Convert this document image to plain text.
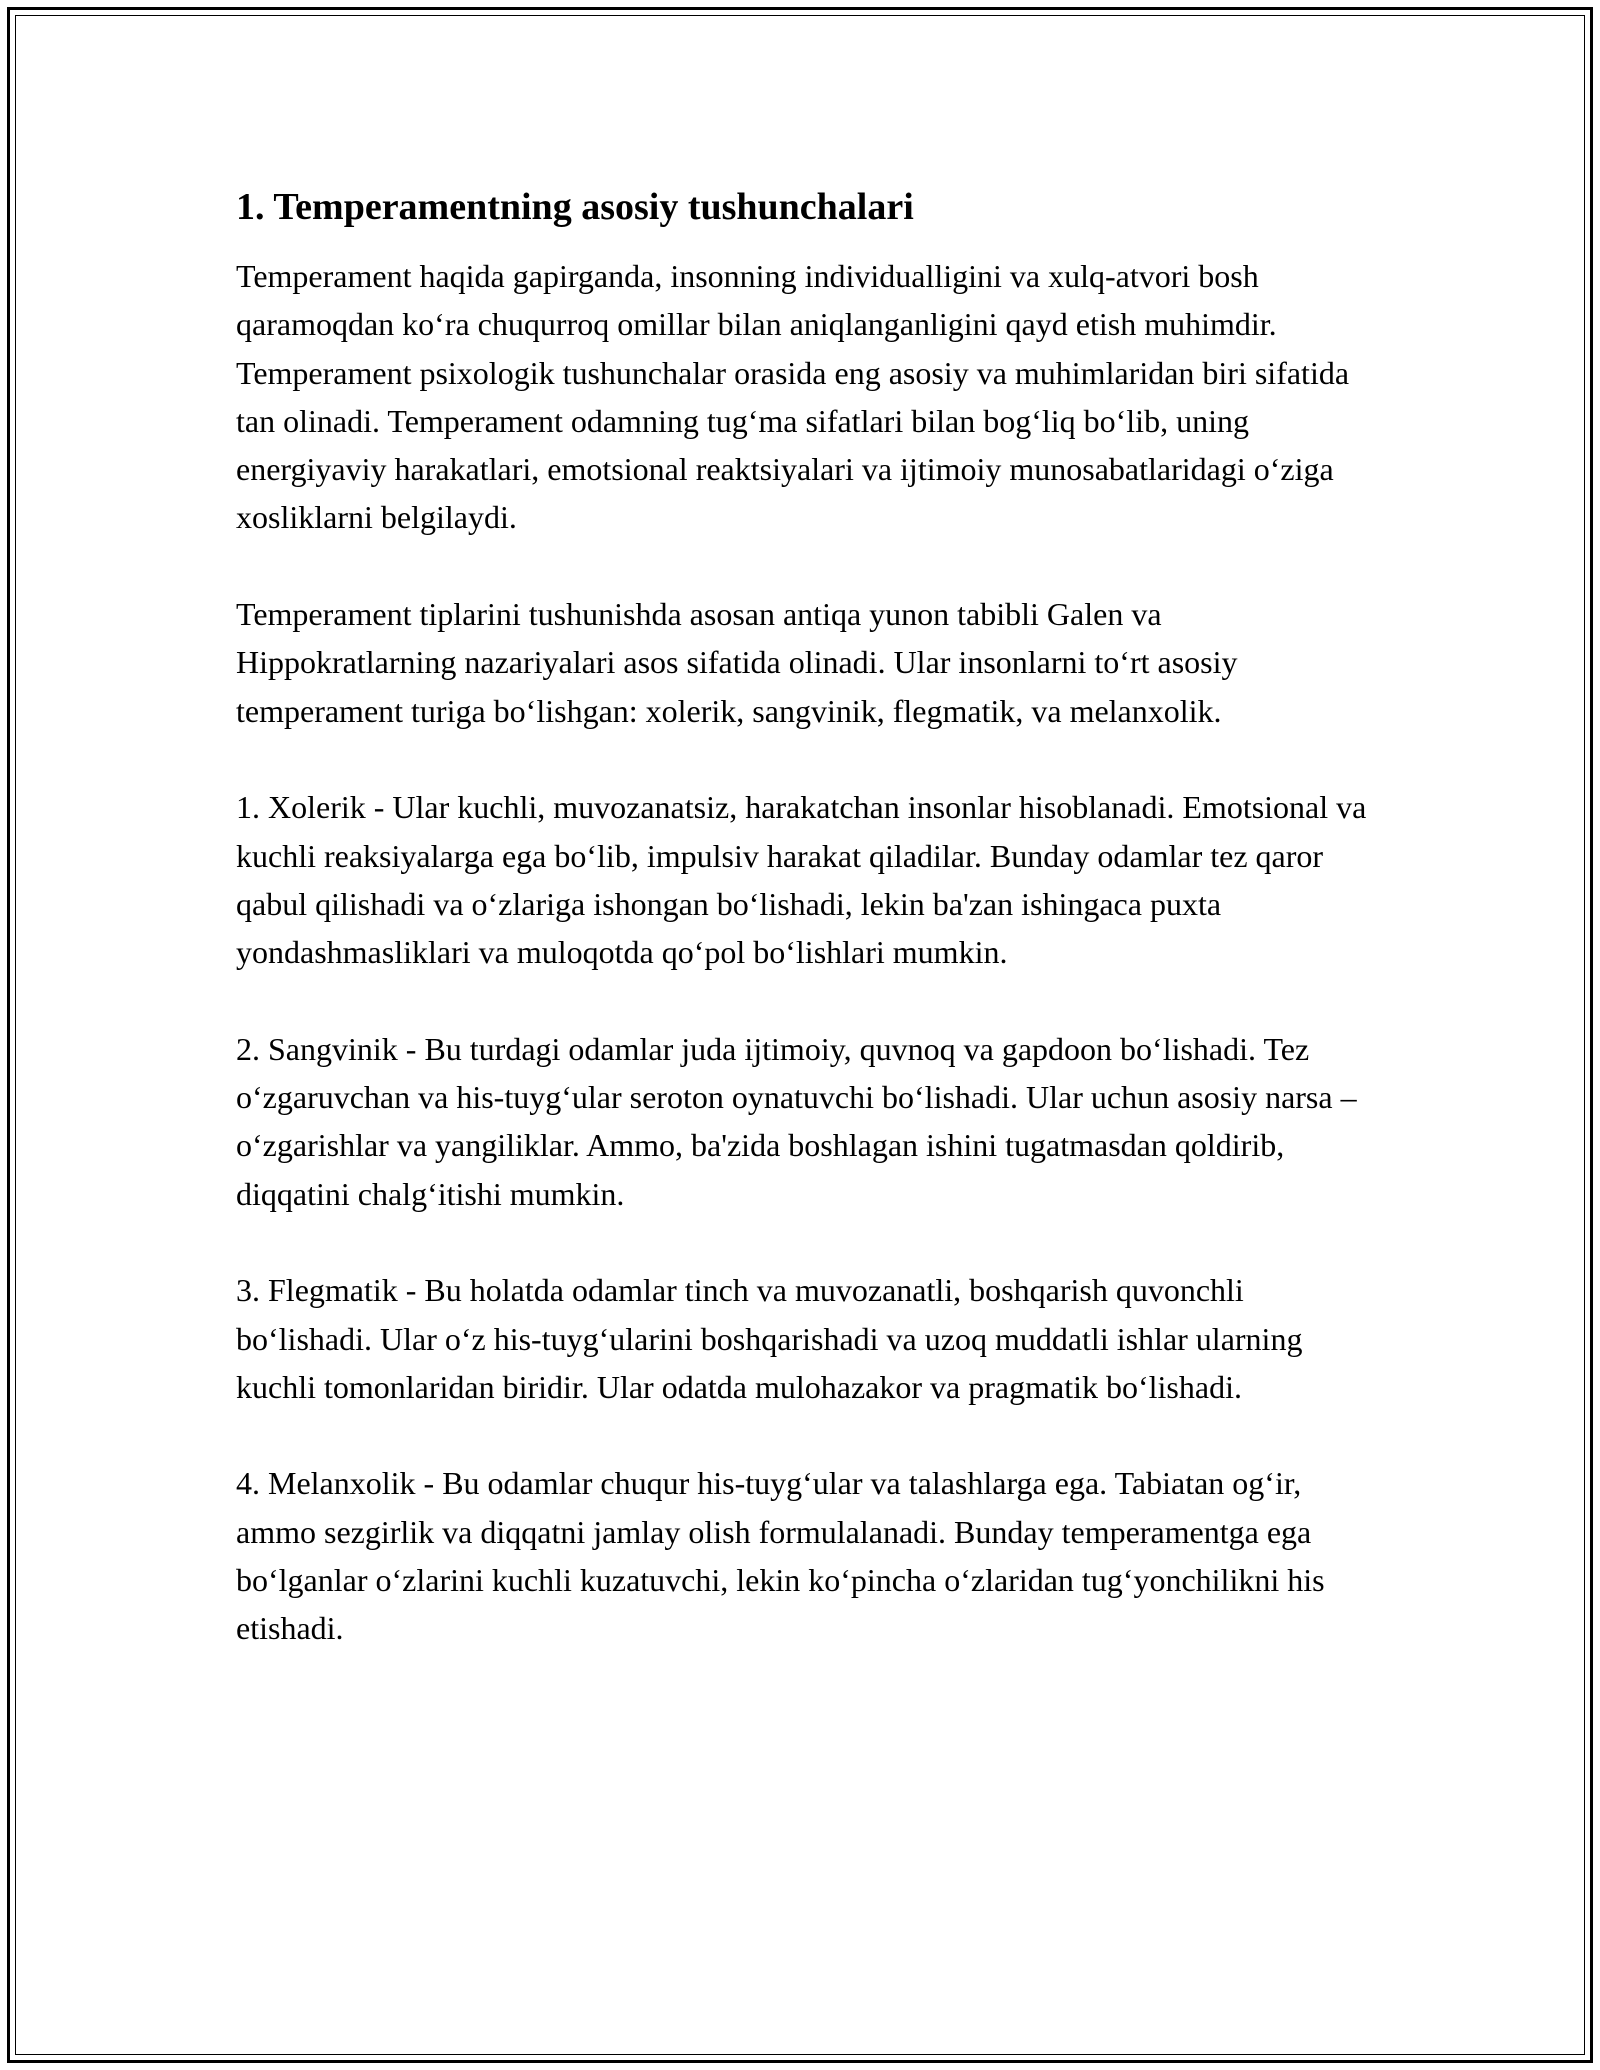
1. Temperamentning asosiy tushunchalari

Temperament haqida gapirganda, insonning individualligini va xulq-atvori bosh qaramoqdan ko‘ra chuqurroq omillar bilan aniqlanganligini qayd etish muhimdir. Temperament psixologik tushunchalar orasida eng asosiy va muhimlaridan biri sifatida tan olinadi. Temperament odamning tug‘ma sifatlari bilan bog‘liq bo‘lib, uning energiyaviy harakatlari, emotsional reaktsiyalari va ijtimoiy munosabatlaridagi o‘ziga xosliklarni belgilaydi.

Temperament tiplarini tushunishda asosan antiqa yunon tabibli Galen va Hippokratlarning nazariyalari asos sifatida olinadi. Ular insonlarni to‘rt asosiy temperament turiga bo‘lishgan: xolerik, sangvinik, flegmatik, va melanxolik.

1. Xolerik - Ular kuchli, muvozanatsiz, harakatchan insonlar hisoblanadi. Emotsional va kuchli reaksiyalarga ega bo‘lib, impulsiv harakat qiladilar. Bunday odamlar tez qaror qabul qilishadi va o‘zlariga ishongan bo‘lishadi, lekin ba'zan ishingaca puxta yondashmasliklari va muloqotda qo‘pol bo‘lishlari mumkin.

2. Sangvinik - Bu turdagi odamlar juda ijtimoiy, quvnoq va gapdoon bo‘lishadi. Tez o‘zgaruvchan va his-tuyg‘ular seroton oynatuvchi bo‘lishadi. Ular uchun asosiy narsa – o‘zgarishlar va yangiliklar. Ammo, ba'zida boshlagan ishini tugatmasdan qoldirib, diqqatini chalg‘itishi mumkin.

3. Flegmatik - Bu holatda odamlar tinch va muvozanatli, boshqarish quvonchli bo‘lishadi. Ular o‘z his-tuyg‘ularini boshqarishadi va uzoq muddatli ishlar ularning kuchli tomonlaridan biridir. Ular odatda mulohazakor va pragmatik bo‘lishadi.

4. Melanxolik - Bu odamlar chuqur his-tuyg‘ular va talashlarga ega. Tabiatan og‘ir, ammo sezgirlik va diqqatni jamlay olish formulalanadi. Bunday temperamentga ega bo‘lganlar o‘zlarini kuchli kuzatuvchi, lekin ko‘pincha o‘zlaridan tug‘yonchilikni his etishadi.
